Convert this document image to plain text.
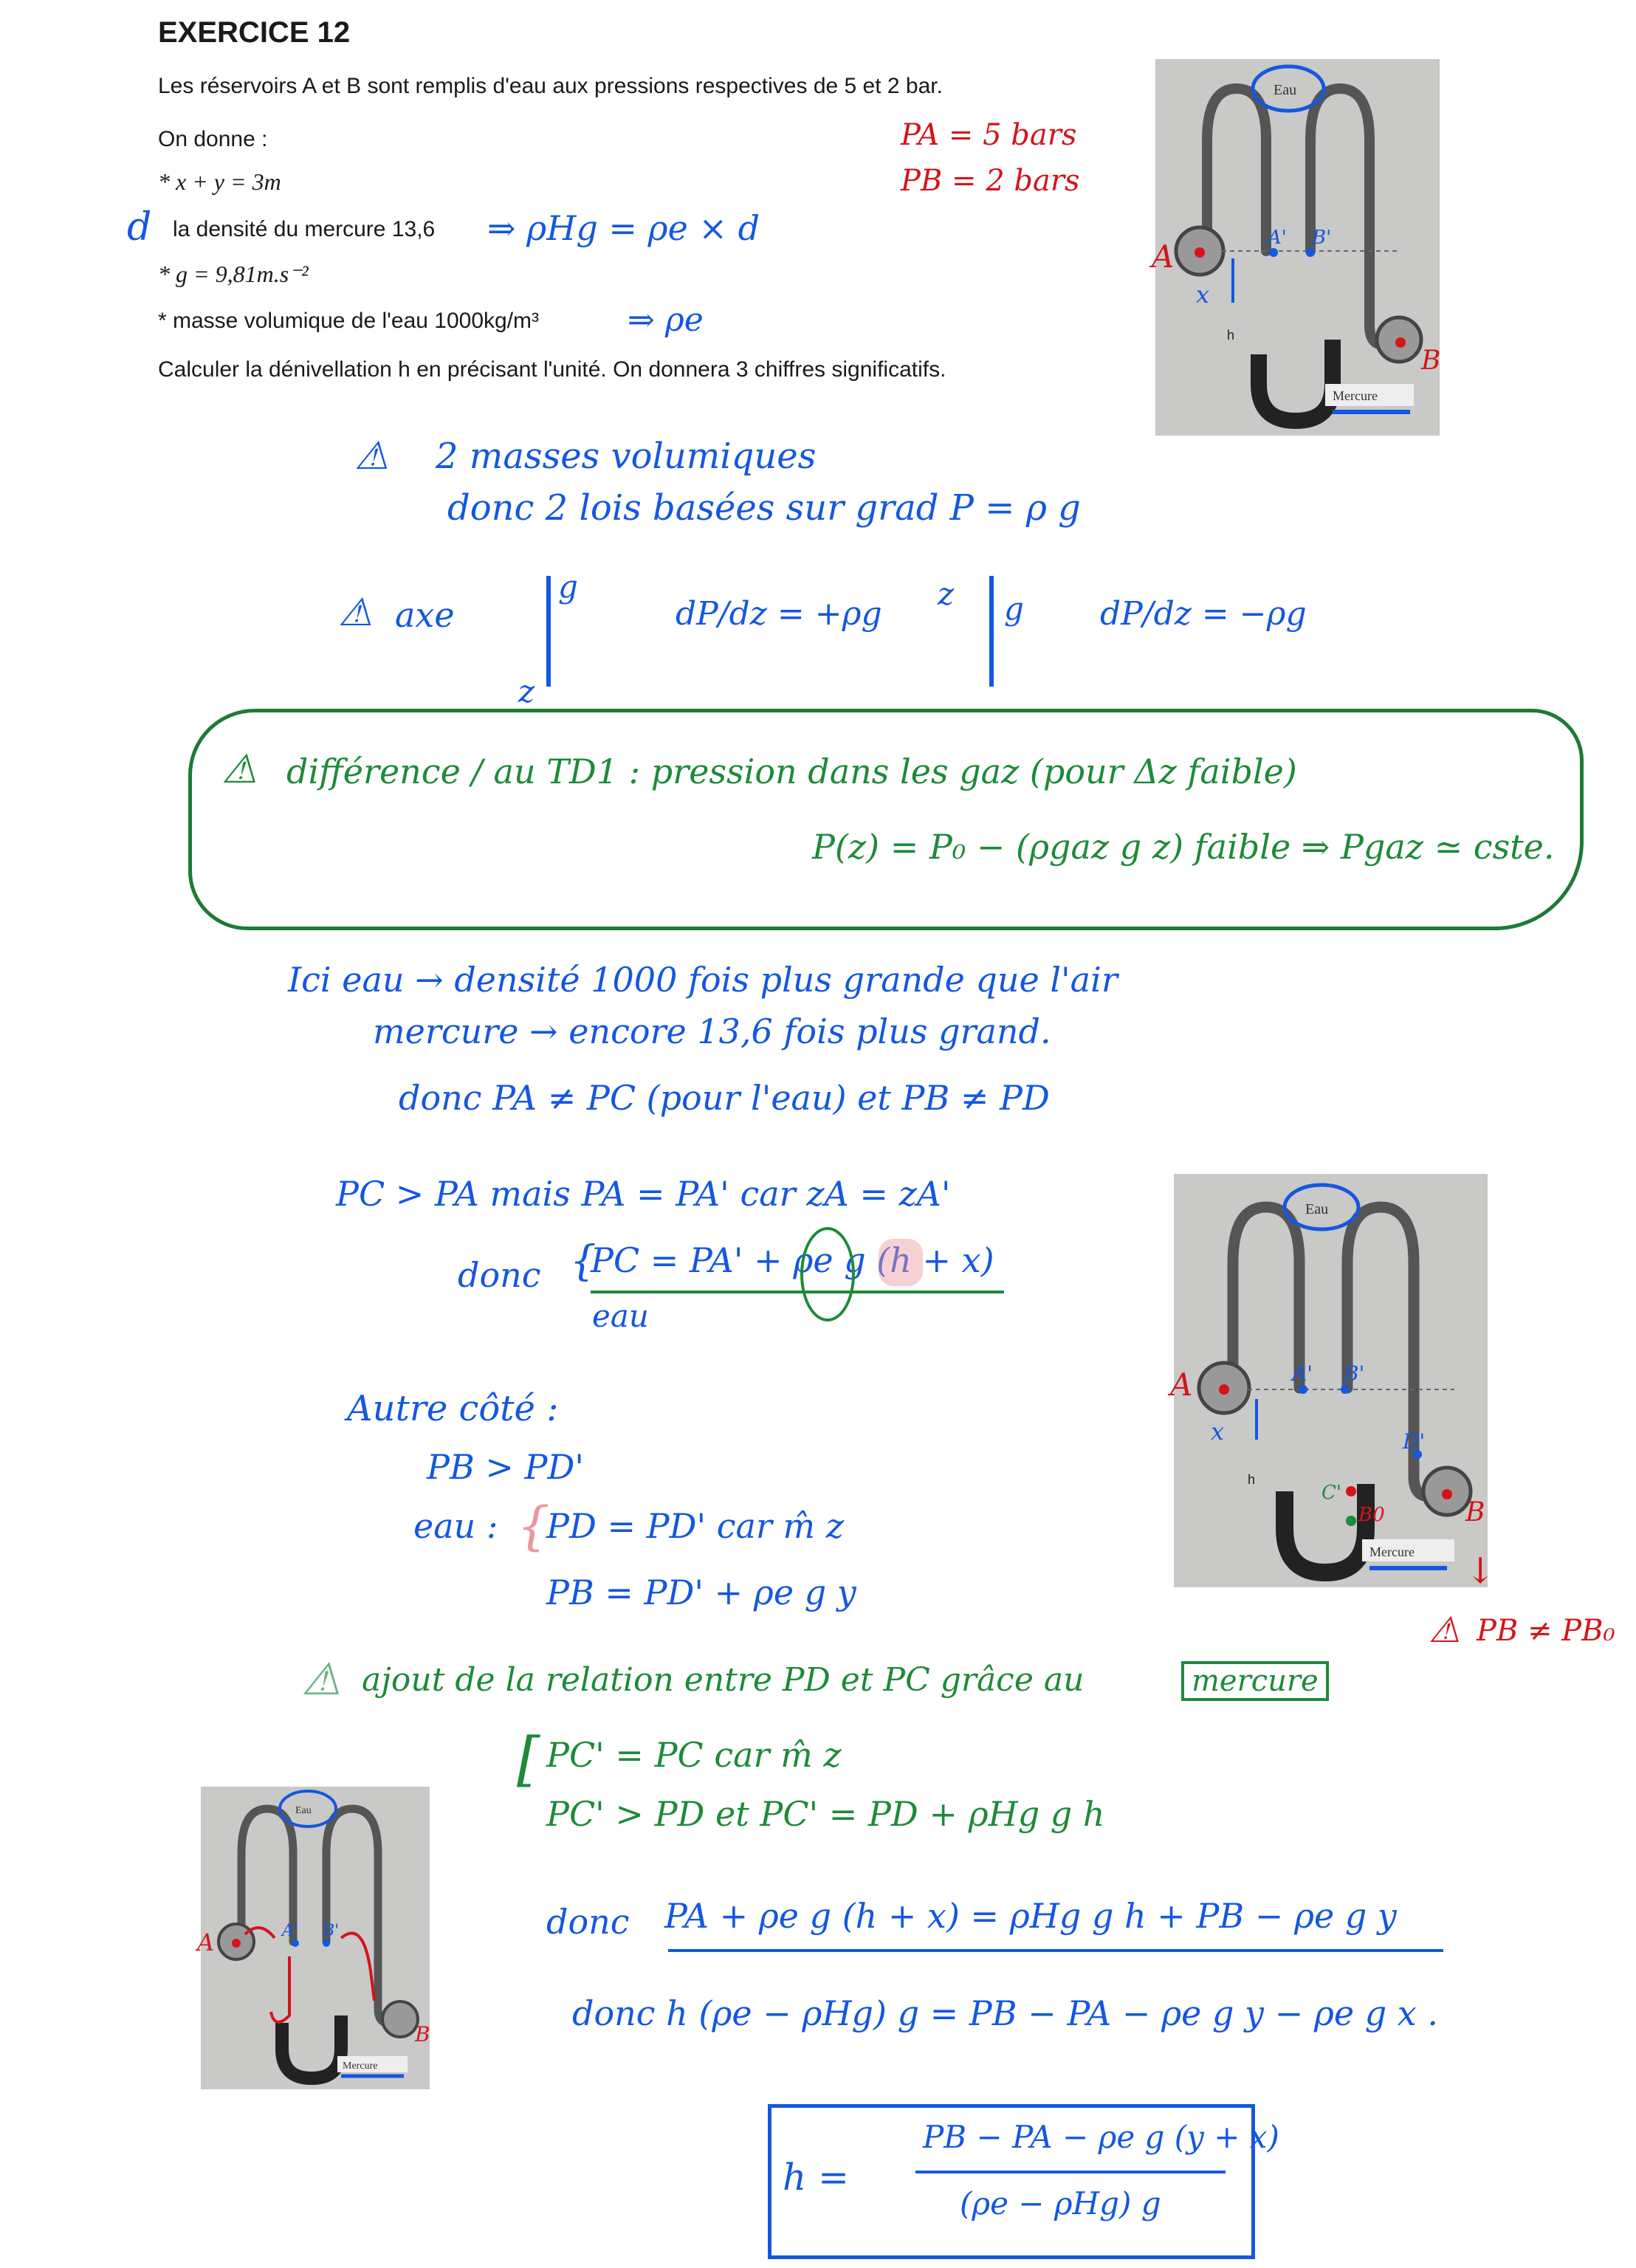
EXERCICE 12
Les réservoirs A et B sont remplis d'eau aux pressions respectives de 5 et 2 bar.
On donne :
* x + y = 3m
la densité du mercure 13,6
* g = 9,81m.s⁻²
* masse volumique de l'eau 1000kg/m³
Calculer la dénivellation h en précisant l'unité. On donnera 3 chiffres significatifs.
PA = 5 bars
PB = 2 bars
d	⇒ ρHg = ρe × d
⇒ ρe
Eau
Mercure
A
B
A' B'
x
h
⚠ 2 masses volumiques
donc 2 lois basées sur grad P = ρ g
⚠ axe
g
z
dP/dz = +ρg
z g dP/dz = −ρg
⚠ différence / au TD1 : pression dans les gaz (pour Δz faible)
P(z) = P₀ − (ρgaz g z) faible ⇒ Pgaz ≃ cste.
Ici eau → densité 1000 fois plus grande que l'air
mercure → encore 13,6 fois plus grand.
donc PA ≠ PC (pour l'eau) et PB ≠ PD
PC > PA mais PA = PA' car zA = zA'
donc {
PC = PA' + ρe g (h + x)
eau
Eau
Mercure
A
B
A' B'
D'
C'
B0
x
h
↓
⚠ PB ≠ PB₀
Autre côté :
PB > PD'
eau : {
PD = PD' car m̂ z
PB = PD' + ρe g y
⚠ ajout de la relation entre PD et PC grâce au	mercure
[ PC' = PC car m̂ z
PC' > PD et PC' = PD + ρHg g h
Eau
Mercure
A
B
A' B'	donc PA + ρe g (h + x) = ρHg g h + PB − ρe g y
donc h (ρe − ρHg) g = PB − PA − ρe g y − ρe g x .
h =
PB − PA − ρe g (y + x)
(ρe − ρHg) g
